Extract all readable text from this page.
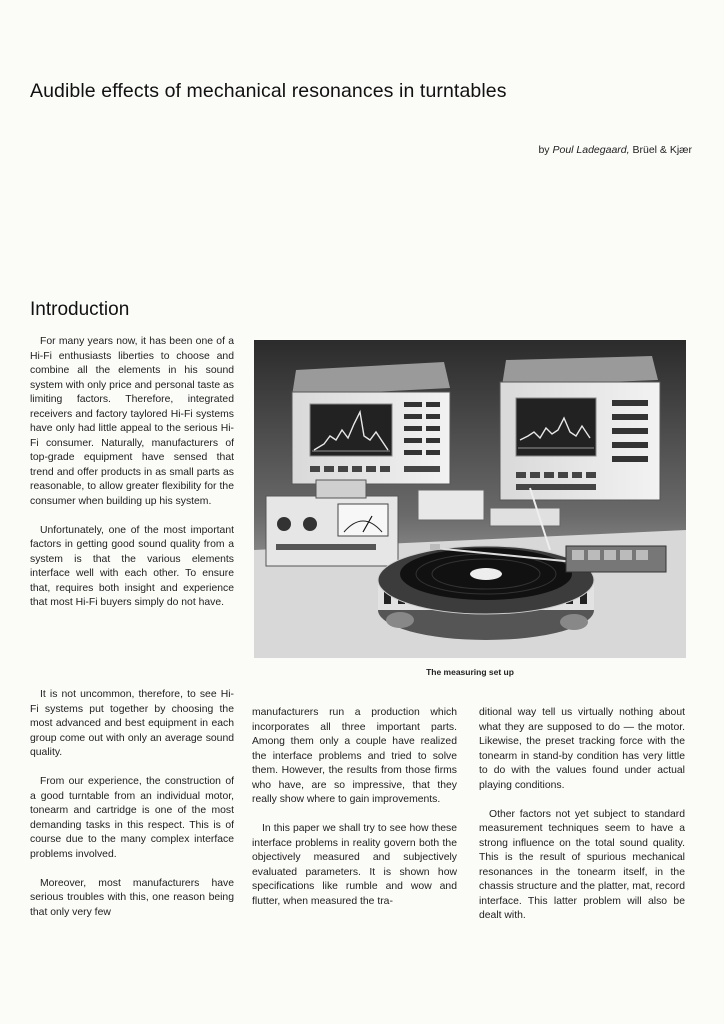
Audible effects of mechanical resonances in turntables
by Poul Ladegaard, Brüel & Kjær
Introduction

For many years now, it has been one of a Hi-Fi enthusiasts liberties to choose and combine all the elements in his sound system with only price and personal taste as limiting factors. Therefore, integrated receivers and factory taylored Hi-Fi systems have only had little appeal to the serious Hi-Fi consumer. Naturally, manufacturers of top-grade equipment have sensed that trend and offer products in as small parts as reasonable, to allow greater flexibility for the consumer when building up his system.

Unfortunately, one of the most important factors in getting good sound quality from a system is that the various elements interface well with each other. To ensure that, requires both insight and experience that most Hi-Fi buyers simply do not have.

It is not uncommon, therefore, to see Hi-Fi systems put together by choosing the most advanced and best equipment in each group come out with only an average sound quality.

From our experience, the construction of a good turntable from an individual motor, tonearm and cartridge is one of the most demanding tasks in this respect. This is of course due to the many complex interface problems involved.

Moreover, most manufacturers have serious troubles with this, one reason being that only very few

manufacturers run a production which incorporates all three important parts. Among them only a couple have realized the interface problems and tried to solve them. However, the results from those firms who have, are so impressive, that they really show where to gain improvements.

In this paper we shall try to see how these interface problems in reality govern both the objectively measured and subjectively evaluated parameters. It is shown how specifications like rumble and wow and flutter, when measured the tra-

ditional way tell us virtually nothing about what they are supposed to do — the motor. Likewise, the preset tracking force with the tonearm in stand-by condition has very little to do with the values found under actual playing conditions.

Other factors not yet subject to standard measurement techniques seem to have a strong influence on the total sound quality. This is the result of spurious mechanical resonances in the tonearm itself, in the chassis structure and the platter, mat, record interface. This latter problem will also be dealt with.

The measuring set up
